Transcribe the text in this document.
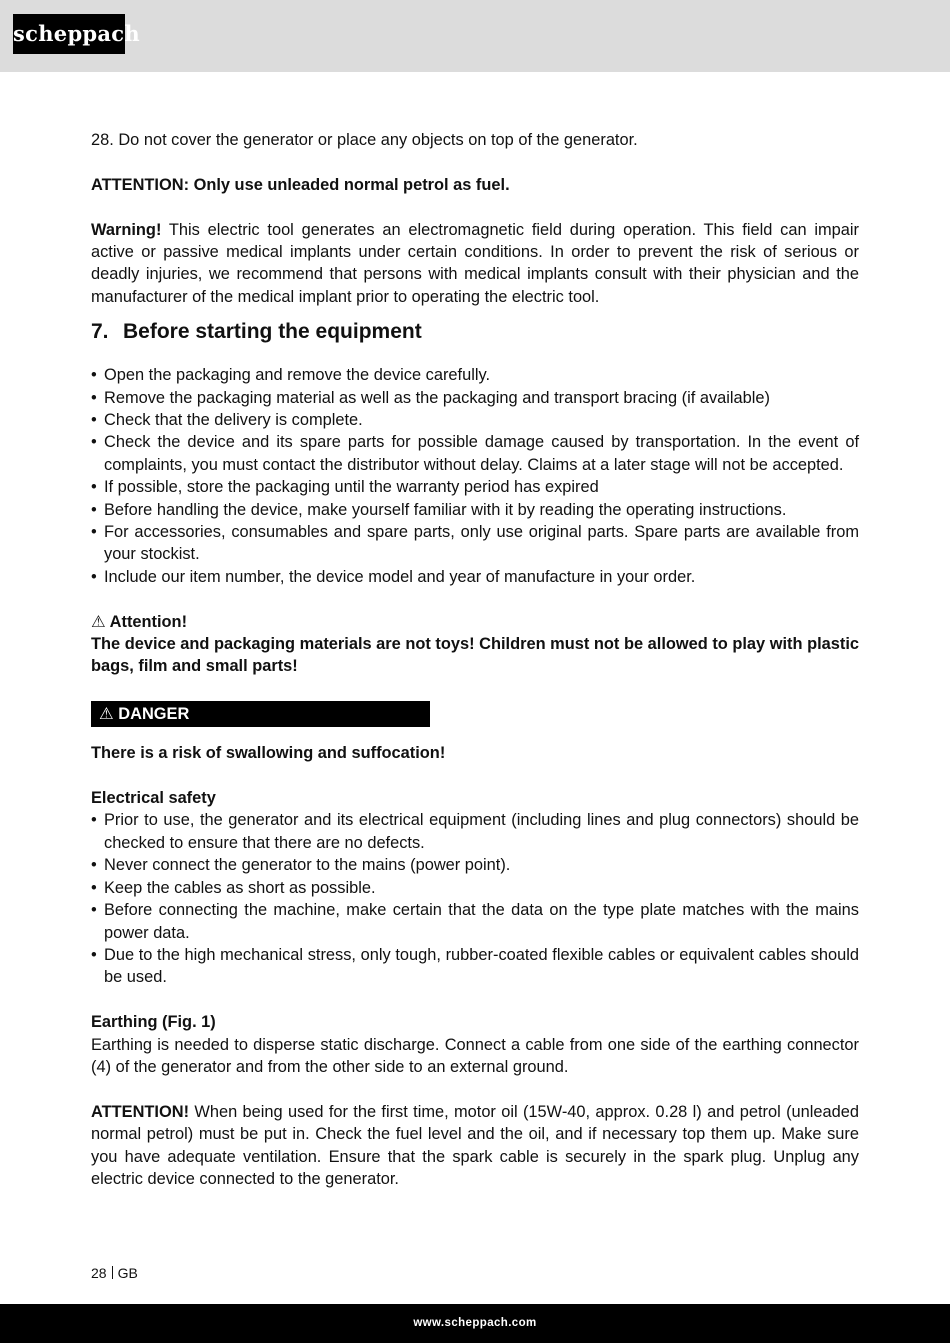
scheppach

28. Do not cover the generator or place any objects on top of the generator.

ATTENTION: Only use unleaded normal petrol as fuel.

Warning! This electric tool generates an electromagnetic field during operation. This field can impair active or passive medical implants under certain conditions. In order to prevent the risk of serious or deadly injuries, we recommend that persons with medical implants consult with their physician and the manufacturer of the medical implant prior to operating the electric tool.

7. Before starting the equipment
• Open the packaging and remove the device carefully.
• Remove the packaging material as well as the packaging and transport bracing (if available)
• Check that the delivery is complete.
• Check the device and its spare parts for possible damage caused by transportation. In the event of complaints, you must contact the distributor without delay. Claims at a later stage will not be accepted.
• If possible, store the packaging until the warranty period has expired
• Before handling the device, make yourself familiar with it by reading the operating instructions.
• For accessories, consumables and spare parts, only use original parts. Spare parts are available from your stockist.
• Include our item number, the device model and year of manufacture in your order.

⚠ Attention!

The device and packaging materials are not toys! Children must not be allowed to play with plastic bags, film and small parts!

⚠ DANGER

There is a risk of swallowing and suffocation!

Electrical safety

• Prior to use, the generator and its electrical equipment (including lines and plug connectors) should be checked to ensure that there are no defects.
• Never connect the generator to the mains (power point).
• Keep the cables as short as possible.
• Before connecting the machine, make certain that the data on the type plate matches with the mains power data.
• Due to the high mechanical stress, only tough, rubber-coated flexible cables or equivalent cables should be used.

Earthing (Fig. 1)

Earthing is needed to disperse static discharge. Connect a cable from one side of the earthing connector (4) of the generator and from the other side to an external ground.

ATTENTION! When being used for the first time, motor oil (15W-40, approx. 0.28 l) and petrol (unleaded normal petrol) must be put in. Check the fuel level and the oil, and if necessary top them up. Make sure you have adequate ventilation. Ensure that the spark cable is securely in the spark plug. Unplug any electric device connected to the generator.

28 GB
www.scheppach.com
